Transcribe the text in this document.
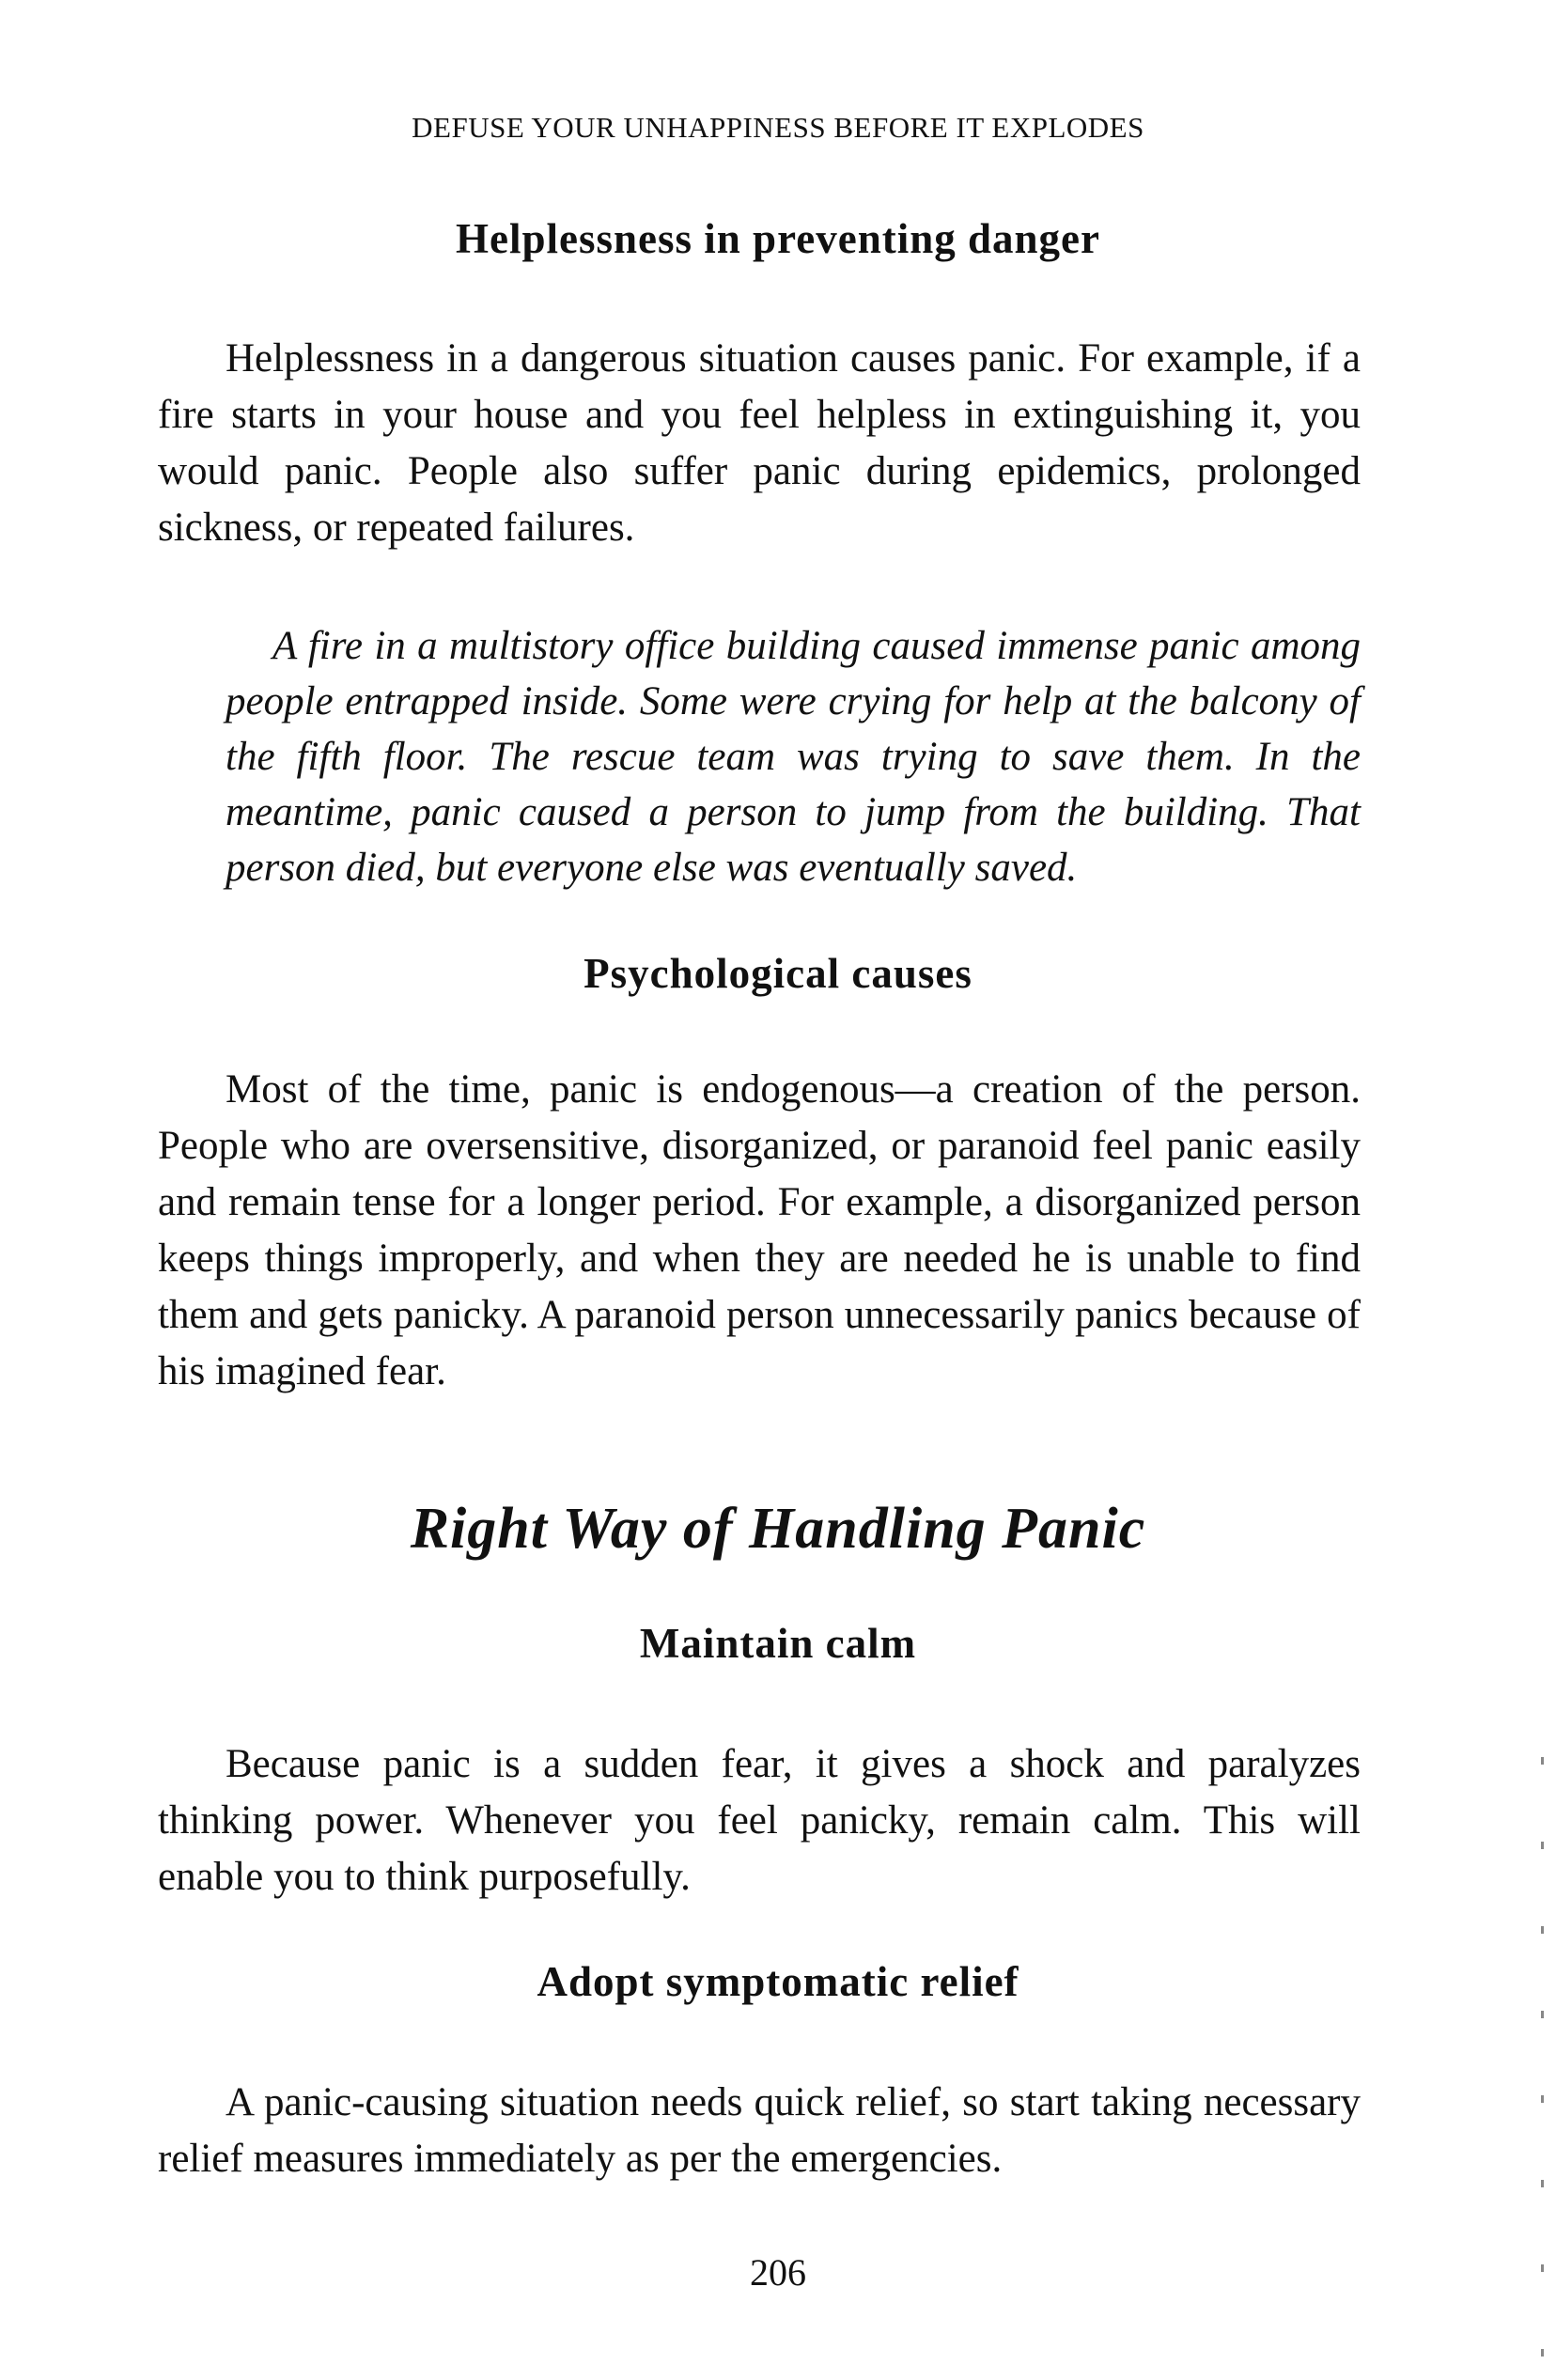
DEFUSE YOUR UNHAPPINESS BEFORE IT EXPLODES
Helplessness in preventing danger
Helplessness in a dangerous situation causes panic. For example, if a fire starts in your house and you feel helpless in extinguishing it, you would panic. People also suffer panic during epidemics, prolonged sickness, or repeated failures.
A fire in a multistory office building caused immense panic among people entrapped inside. Some were crying for help at the balcony of the fifth floor. The rescue team was trying to save them. In the meantime, panic caused a person to jump from the building. That person died, but everyone else was eventually saved.
Psychological causes
Most of the time, panic is endogenous—a creation of the person. People who are oversensitive, disorganized, or paranoid feel panic easily and remain tense for a longer period. For example, a disorganized person keeps things improperly, and when they are needed he is unable to find them and gets panicky. A paranoid person unnecessarily panics because of his imagined fear.
Right Way of Handling Panic
Maintain calm
Because panic is a sudden fear, it gives a shock and paralyzes thinking power. Whenever you feel panicky, remain calm. This will enable you to think purposefully.
Adopt symptomatic relief
A panic-causing situation needs quick relief, so start taking necessary relief measures immediately as per the emergencies.
206
